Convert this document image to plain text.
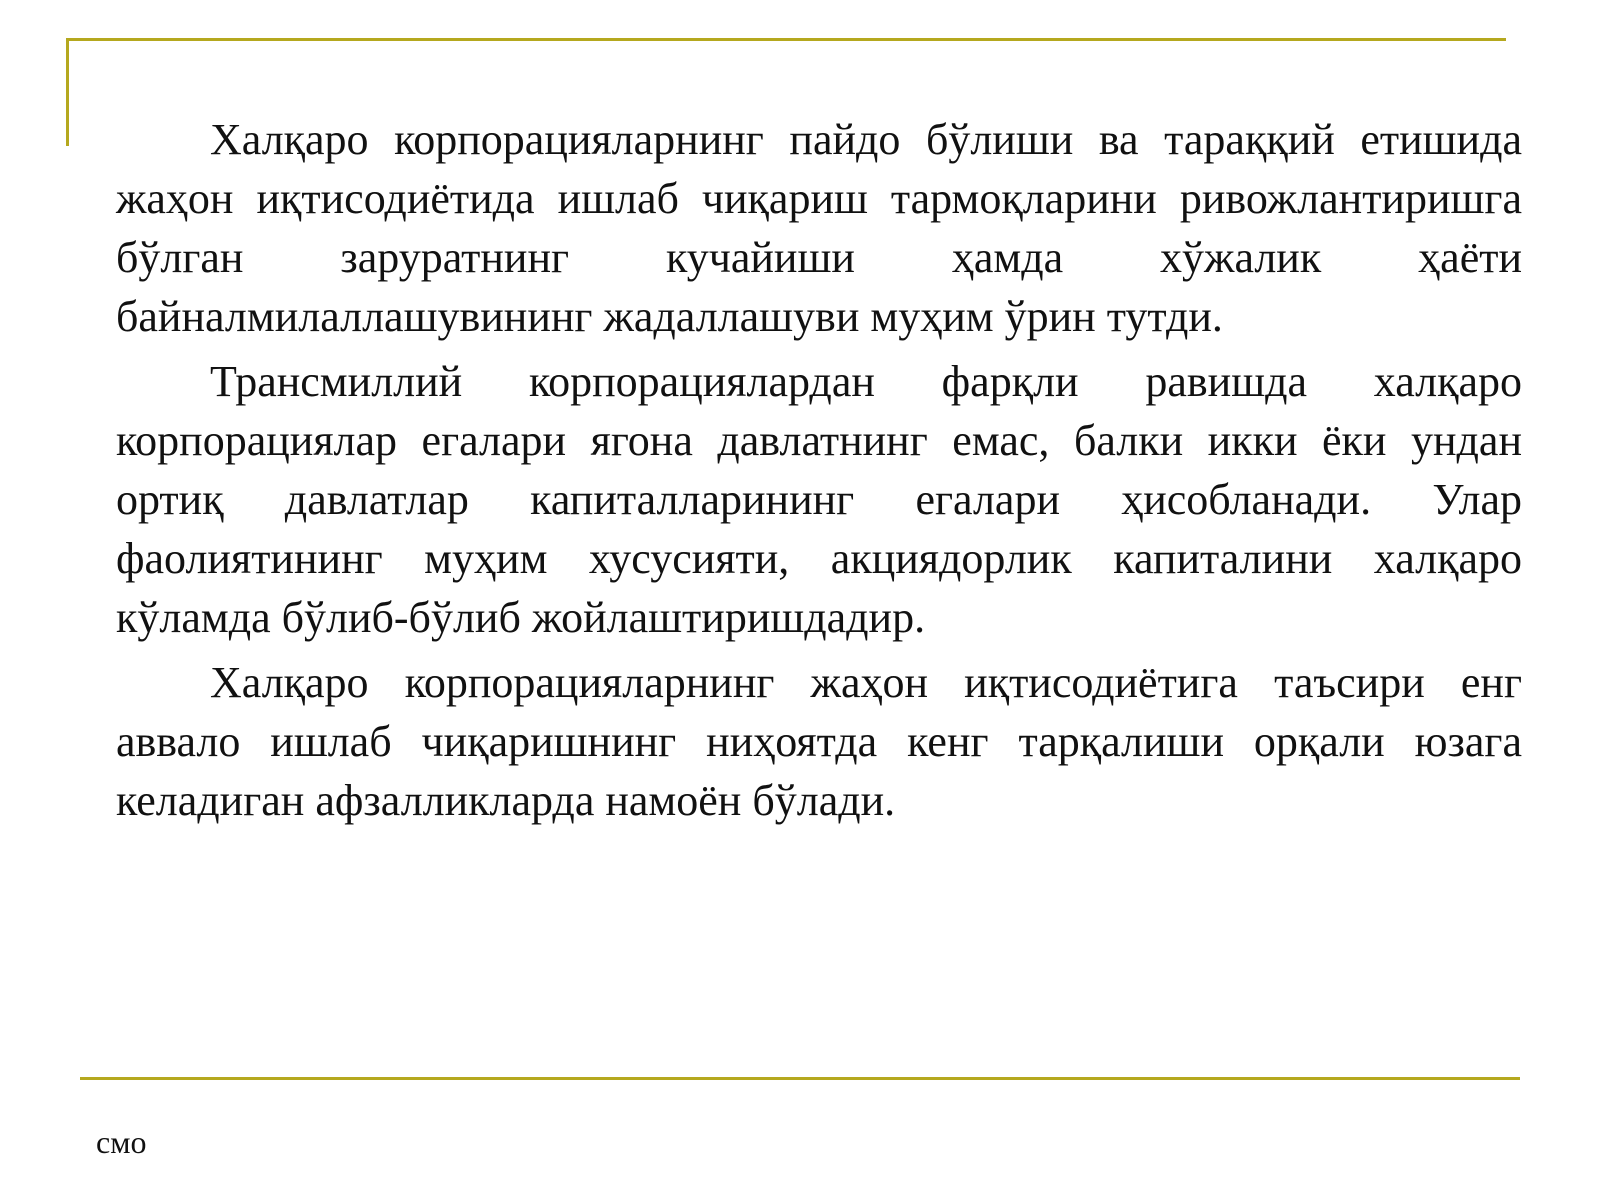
Халқаро корпорацияларнинг пайдо бўлиши ва тараққий етишида жаҳон иқтисодиётида ишлаб чиқариш тармоқларини ривожлантиришга бўлган заруратнинг кучайиши ҳамда хўжалик ҳаёти байналмилаллашувининг жадаллашуви муҳим ўрин тутди.

Трансмиллий корпорациялардан фарқли равишда халқаро корпорациялар егалари ягона давлатнинг емас, балки икки ёки ундан ортиқ давлатлар капиталларининг егалари ҳисобланади. Улар фаолиятининг муҳим хусусияти, акциядорлик капиталини халқаро кўламда бўлиб-бўлиб жойлаштиришдадир.

Халқаро корпорацияларнинг жаҳон иқтисодиётига таъсири енг аввало ишлаб чиқаришнинг ниҳоятда кенг тарқалиши орқали юзага келадиган афзалликларда намоён бўлади.

смо
